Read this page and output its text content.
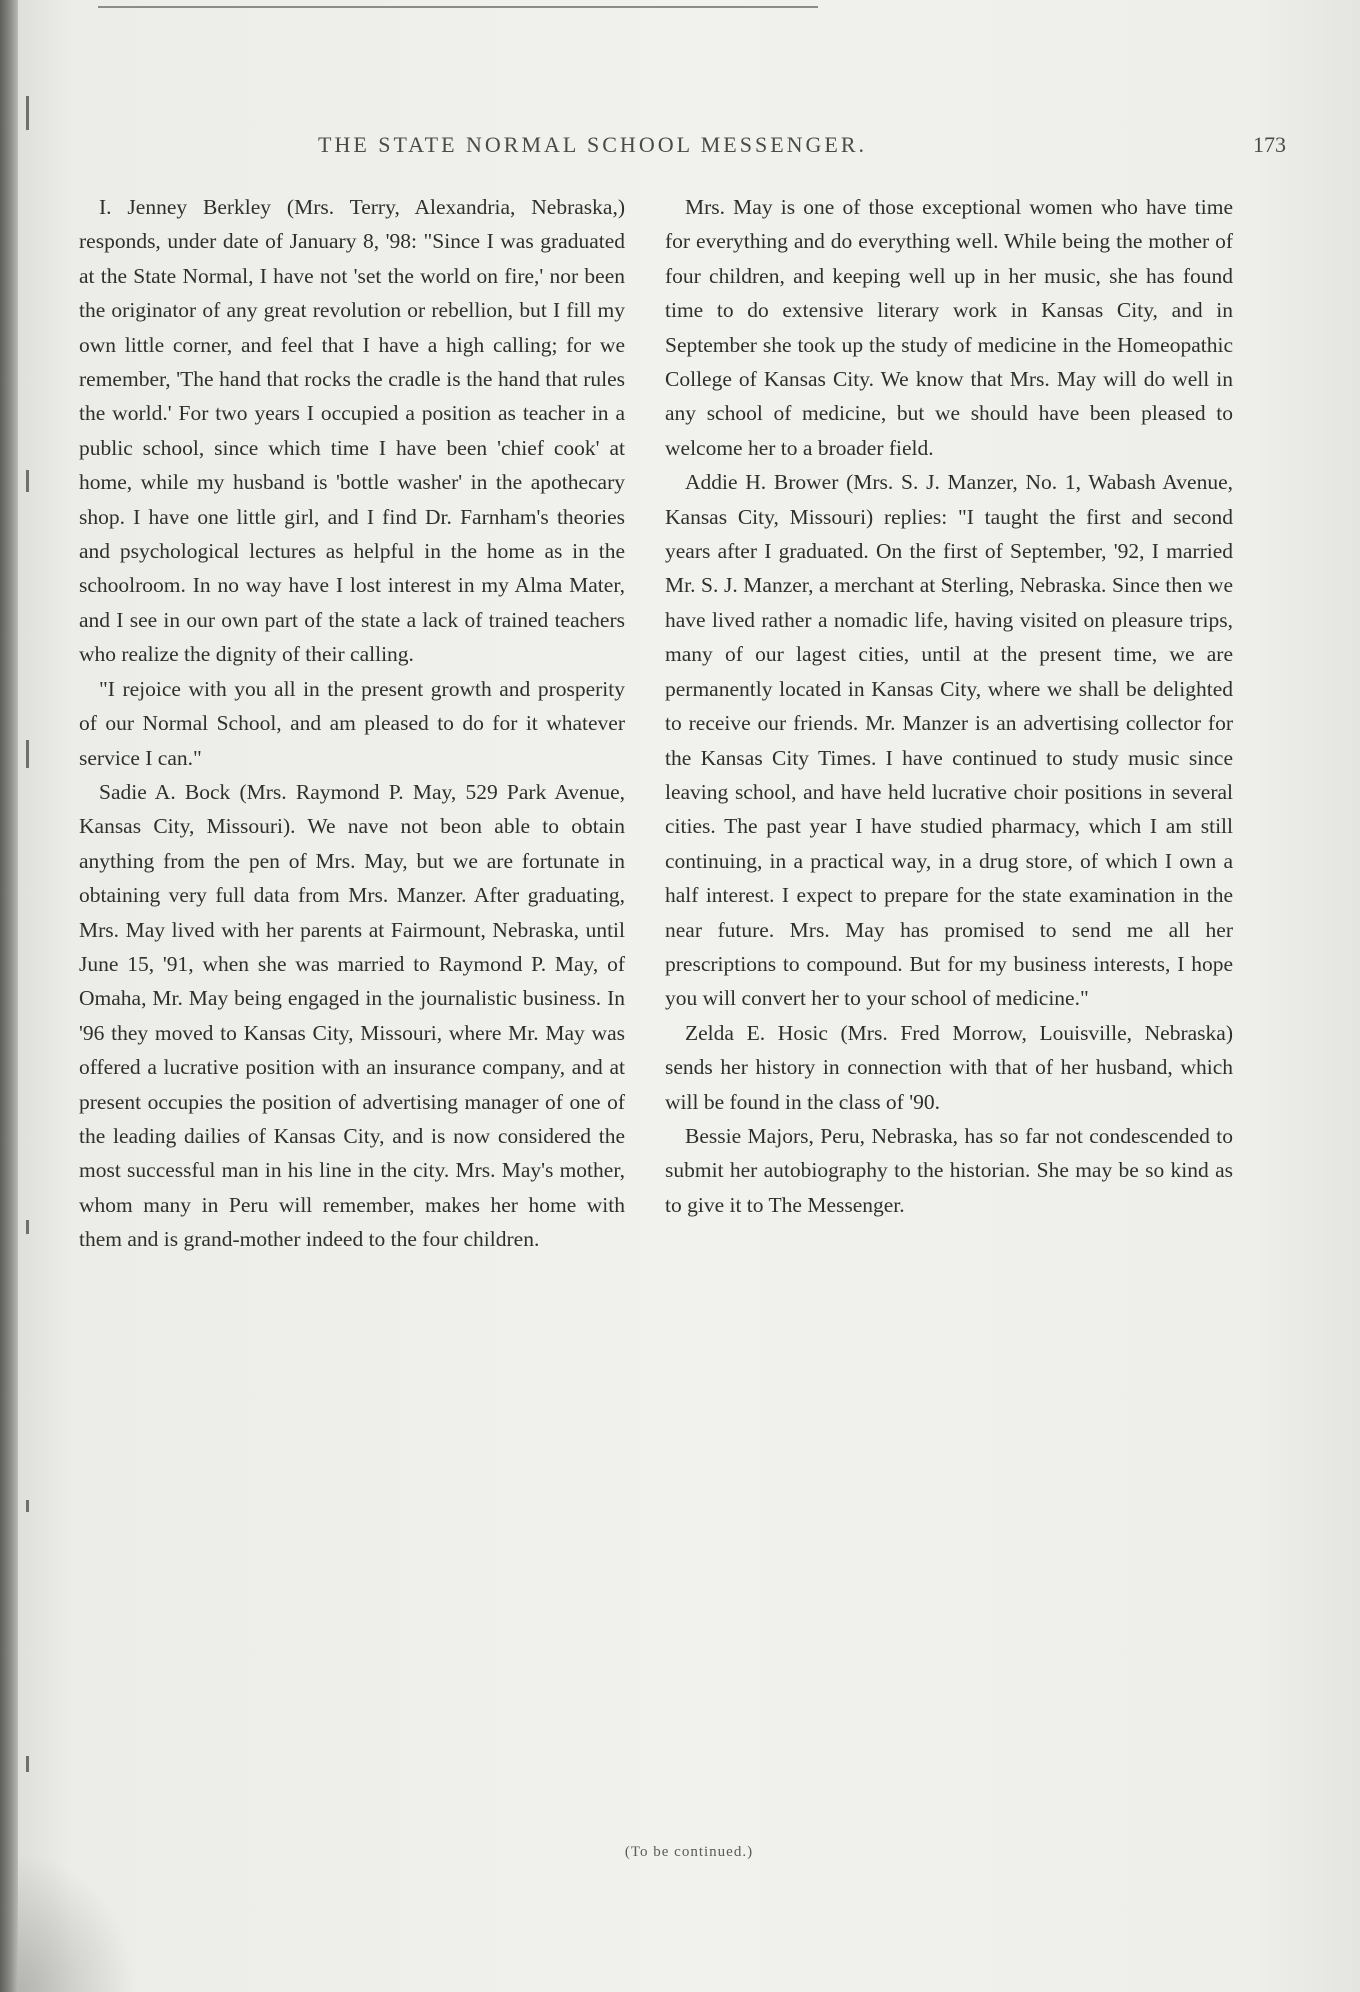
THE STATE NORMAL SCHOOL MESSENGER.	173

I. Jenney Berkley (Mrs. Terry, Alexandria, Nebraska,) responds, under date of January 8, '98: "Since I was graduated at the State Normal, I have not 'set the world on fire,' nor been the originator of any great revolution or rebellion, but I fill my own little corner, and feel that I have a high calling; for we remember, 'The hand that rocks the cradle is the hand that rules the world.' For two years I occupied a position as teacher in a public school, since which time I have been 'chief cook' at home, while my husband is 'bottle washer' in the apothecary shop. I have one little girl, and I find Dr. Farnham's theories and psychological lectures as helpful in the home as in the schoolroom. In no way have I lost interest in my Alma Mater, and I see in our own part of the state a lack of trained teachers who realize the dignity of their calling.

"I rejoice with you all in the present growth and prosperity of our Normal School, and am pleased to do for it whatever service I can."

Sadie A. Bock (Mrs. Raymond P. May, 529 Park Avenue, Kansas City, Missouri). We nave not beon able to obtain anything from the pen of Mrs. May, but we are fortunate in obtaining very full data from Mrs. Manzer. After graduating, Mrs. May lived with her parents at Fairmount, Nebraska, until June 15, '91, when she was married to Raymond P. May, of Omaha, Mr. May being engaged in the journalistic business. In '96 they moved to Kansas City, Missouri, where Mr. May was offered a lucrative position with an insurance company, and at present occupies the position of advertising manager of one of the leading dailies of Kansas City, and is now considered the most successful man in his line in the city. Mrs. May's mother, whom many in Peru will remember, makes her home with them and is grand-mother indeed to the four children.

Mrs. May is one of those exceptional women who have time for everything and do everything well. While being the mother of four children, and keeping well up in her music, she has found time to do extensive literary work in Kansas City, and in September she took up the study of medicine in the Homeopathic College of Kansas City. We know that Mrs. May will do well in any school of medicine, but we should have been pleased to welcome her to a broader field.

Addie H. Brower (Mrs. S. J. Manzer, No. 1, Wabash Avenue, Kansas City, Missouri) replies: "I taught the first and second years after I graduated. On the first of September, '92, I married Mr. S. J. Manzer, a merchant at Sterling, Nebraska. Since then we have lived rather a nomadic life, having visited on pleasure trips, many of our lagest cities, until at the present time, we are permanently located in Kansas City, where we shall be delighted to receive our friends. Mr. Manzer is an advertising collector for the Kansas City Times. I have continued to study music since leaving school, and have held lucrative choir positions in several cities. The past year I have studied pharmacy, which I am still continuing, in a practical way, in a drug store, of which I own a half interest. I expect to prepare for the state examination in the near future. Mrs. May has promised to send me all her prescriptions to compound. But for my business interests, I hope you will convert her to your school of medicine."

Zelda E. Hosic (Mrs. Fred Morrow, Louisville, Nebraska) sends her history in connection with that of her husband, which will be found in the class of '90.

Bessie Majors, Peru, Nebraska, has so far not condescended to submit her autobiography to the historian. She may be so kind as to give it to The Messenger.

(To be continued.)
